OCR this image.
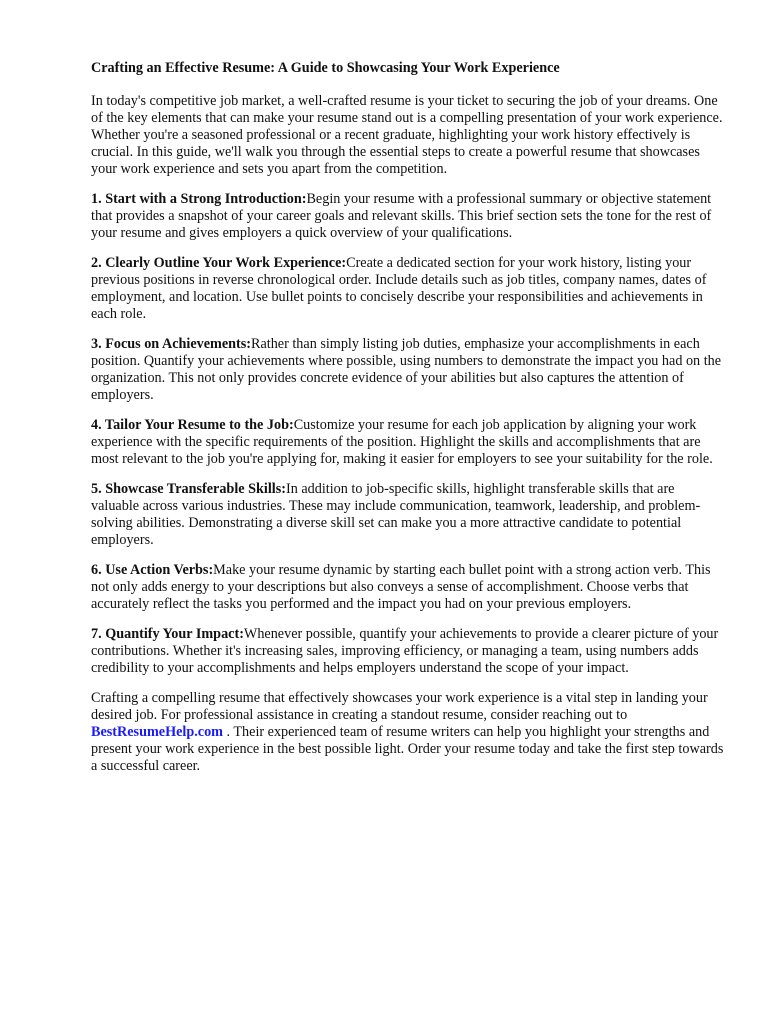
Crafting an Effective Resume: A Guide to Showcasing Your Work Experience

In today's competitive job market, a well-crafted resume is your ticket to securing the job of your dreams. One of the key elements that can make your resume stand out is a compelling presentation of your work experience. Whether you're a seasoned professional or a recent graduate, highlighting your work history effectively is crucial. In this guide, we'll walk you through the essential steps to create a powerful resume that showcases your work experience and sets you apart from the competition.

1. Start with a Strong Introduction:Begin your resume with a professional summary or objective statement that provides a snapshot of your career goals and relevant skills. This brief section sets the tone for the rest of your resume and gives employers a quick overview of your qualifications.

2. Clearly Outline Your Work Experience:Create a dedicated section for your work history, listing your previous positions in reverse chronological order. Include details such as job titles, company names, dates of employment, and location. Use bullet points to concisely describe your responsibilities and achievements in each role.

3. Focus on Achievements:Rather than simply listing job duties, emphasize your accomplishments in each position. Quantify your achievements where possible, using numbers to demonstrate the impact you had on the organization. This not only provides concrete evidence of your abilities but also captures the attention of employers.

4. Tailor Your Resume to the Job:Customize your resume for each job application by aligning your work experience with the specific requirements of the position. Highlight the skills and accomplishments that are most relevant to the job you're applying for, making it easier for employers to see your suitability for the role.

5. Showcase Transferable Skills:In addition to job-specific skills, highlight transferable skills that are valuable across various industries. These may include communication, teamwork, leadership, and problem-solving abilities. Demonstrating a diverse skill set can make you a more attractive candidate to potential employers.

6. Use Action Verbs:Make your resume dynamic by starting each bullet point with a strong action verb. This not only adds energy to your descriptions but also conveys a sense of accomplishment. Choose verbs that accurately reflect the tasks you performed and the impact you had on your previous employers.

7. Quantify Your Impact:Whenever possible, quantify your achievements to provide a clearer picture of your contributions. Whether it's increasing sales, improving efficiency, or managing a team, using numbers adds credibility to your accomplishments and helps employers understand the scope of your impact.

Crafting a compelling resume that effectively showcases your work experience is a vital step in landing your desired job. For professional assistance in creating a standout resume, consider reaching out to BestResumeHelp.com . Their experienced team of resume writers can help you highlight your strengths and present your work experience in the best possible light. Order your resume today and take the first step towards a successful career.
